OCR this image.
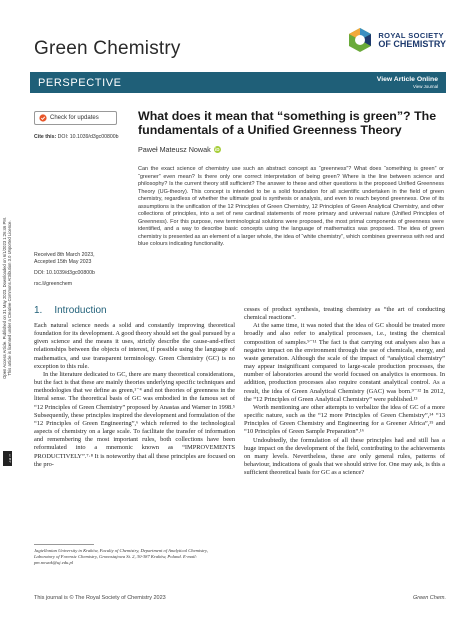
Green Chemistry
ROYAL SOCIETY
OF CHEMISTRY
PERSPECTIVE	View Article Online
View Journal
Open Access Article. Published on 31 May 2023. Downloaded on 6/1/2023 1:26:46 PM. This article is licensed under a Creative Commons Attribution 3.0 Unported Licence.
cc BY
Check for updates
Cite this: DOI: 10.1039/d3gc00800b
Received 8th March 2023,
Accepted 15th May 2023
DOI: 10.1039/d3gc00800b
rsc.li/greenchem
What does it mean that “something is green”? The fundamentals of a Unified Greenness Theory
Paweł Mateusz Nowak iD
Can the exact science of chemistry use such an abstract concept as “greenness”? What does “something is green” or “greener” even mean? Is there only one correct interpretation of being green? Where is the line between science and philosophy? Is the current theory still sufficient? The answer to these and other questions is the proposed Unified Greenness Theory (UG-theory). This concept is intended to be a solid foundation for all scientific undertaken in the field of green chemistry, regardless of whether the ultimate goal is synthesis or analysis, and even to reach beyond greenness. One of its assumptions is the unification of the 12 Principles of Green Chemistry, 12 Principles of Green Analytical Chemistry, and other collections of principles, into a set of new cardinal statements of more primary and universal nature (Unified Principles of Greenness). For this purpose, new terminological solutions were proposed, the most primal components of greenness were identified, and a way to describe basic concepts using the language of mathematics was proposed. The idea of green chemistry is presented as an element of a larger whole, the idea of “white chemistry”, which combines greenness with red and blue colours indicating functionality.
1. Introduction

Each natural science needs a solid and constantly improving theoretical foundation for its development. A good theory should set the goal pursued by a given science and the means it uses, strictly describe the cause-and-effect relationships between the objects of interest, if possible using the language of mathematics, and use transparent terminology. Green Chemistry (GC) is no exception to this rule.

In the literature dedicated to GC, there are many theoretical considerations, but the fact is that these are mainly theories underlying specific techniques and methodologies that we define as green,¹⁻⁴ and not theories of greenness in the literal sense. The theoretical basis of GC was embodied in the famous set of “12 Principles of Green Chemistry” proposed by Anastas and Warner in 1998.⁵ Subsequently, these principles inspired the development and formulation of the “12 Principles of Green Engineering”,⁶ which referred to the technological aspects of chemistry on a large scale. To facilitate the transfer of information and remembering the most important rules, both collections have been reformulated into a mnemonic known as “IMPROVEMENTS PRODUCTIVELY”.⁷·⁸ It is noteworthy that all these principles are focused on the pro-

cesses of product synthesis, treating chemistry as “the art of conducting chemical reactions”.

At the same time, it was noted that the idea of GC should be treated more broadly and also refer to analytical processes, i.e., testing the chemical composition of samples.⁹⁻¹¹ The fact is that carrying out analyses also has a negative impact on the environment through the use of chemicals, energy, and waste generation. Although the scale of the impact of “analytical chemistry” may appear insignificant compared to large-scale production processes, the number of laboratories around the world focused on analytics is enormous. In addition, production processes also require constant analytical control. As a result, the idea of Green Analytical Chemistry (GAC) was born.⁹⁻¹² In 2012, the “12 Principles of Green Analytical Chemistry” were published.¹³

Worth mentioning are other attempts to verbalize the idea of GC of a more specific nature, such as the “12 more Principles of Green Chemistry”,¹⁴ “13 Principles of Green Chemistry and Engineering for a Greener Africa”,¹⁵ and “10 Principles of Green Sample Preparation”.¹⁶

Undoubtedly, the formulation of all these principles had and still has a huge impact on the development of the field, contributing to the achievements on many levels. Nevertheless, these are only general rules, patterns of behaviour, indications of goals that we should strive for. One may ask, is this a sufficient theoretical basis for GC as a science?

Jagiellonian University in Kraków, Faculty of Chemistry, Department of Analytical Chemistry, Laboratory of Forensic Chemistry, Gronostajowa St. 2, 30-387 Kraków, Poland. E-mail: pm.nowak@uj.edu.pl
This journal is © The Royal Society of Chemistry 2023	Green Chem.
